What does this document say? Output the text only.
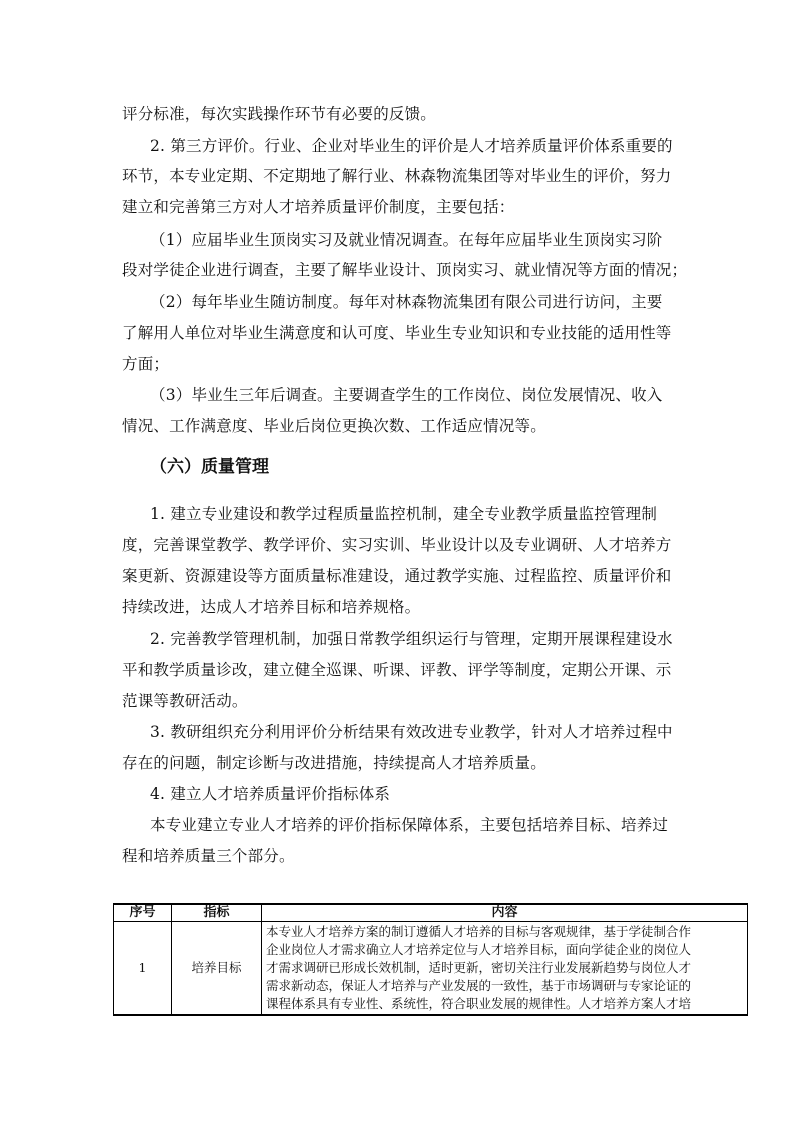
评分标准，每次实践操作环节有必要的反馈。
2. 第三方评价。行业、企业对毕业生的评价是人才培养质量评价体系重要的
环节，本专业定期、不定期地了解行业、林森物流集团等对毕业生的评价，努力
建立和完善第三方对人才培养质量评价制度，主要包括：
（1）应届毕业生顶岗实习及就业情况调查。在每年应届毕业生顶岗实习阶
段对学徒企业进行调查，主要了解毕业设计、顶岗实习、就业情况等方面的情况；
（2）每年毕业生随访制度。每年对林森物流集团有限公司进行访问，主要
了解用人单位对毕业生满意度和认可度、毕业生专业知识和专业技能的适用性等
方面；
（3）毕业生三年后调查。主要调查学生的工作岗位、岗位发展情况、收入
情况、工作满意度、毕业后岗位更换次数、工作适应情况等。
（六）质量管理
1. 建立专业建设和教学过程质量监控机制，建全专业教学质量监控管理制
度，完善课堂教学、教学评价、实习实训、毕业设计以及专业调研、人才培养方
案更新、资源建设等方面质量标准建设，通过教学实施、过程监控、质量评价和
持续改进，达成人才培养目标和培养规格。
2. 完善教学管理机制，加强日常教学组织运行与管理，定期开展课程建设水
平和教学质量诊改，建立健全巡课、听课、评教、评学等制度，定期公开课、示
范课等教研活动。
3. 教研组织充分利用评价分析结果有效改进专业教学，针对人才培养过程中
存在的问题，制定诊断与改进措施，持续提高人才培养质量。
4. 建立人才培养质量评价指标体系
本专业建立专业人才培养的评价指标保障体系，主要包括培养目标、培养过
程和培养质量三个部分。
序号	指标	内容
1	培养目标	本专业人才培养方案的制订遵循人才培养的目标与客观规律，基于学徒制合作
企业岗位人才需求确立人才培养定位与人才培养目标，面向学徒企业的岗位人
才需求调研已形成长效机制，适时更新，密切关注行业发展新趋势与岗位人才
需求新动态，保证人才培养与产业发展的一致性，基于市场调研与专家论证的
课程体系具有专业性、系统性，符合职业发展的规律性。人才培养方案人才培
